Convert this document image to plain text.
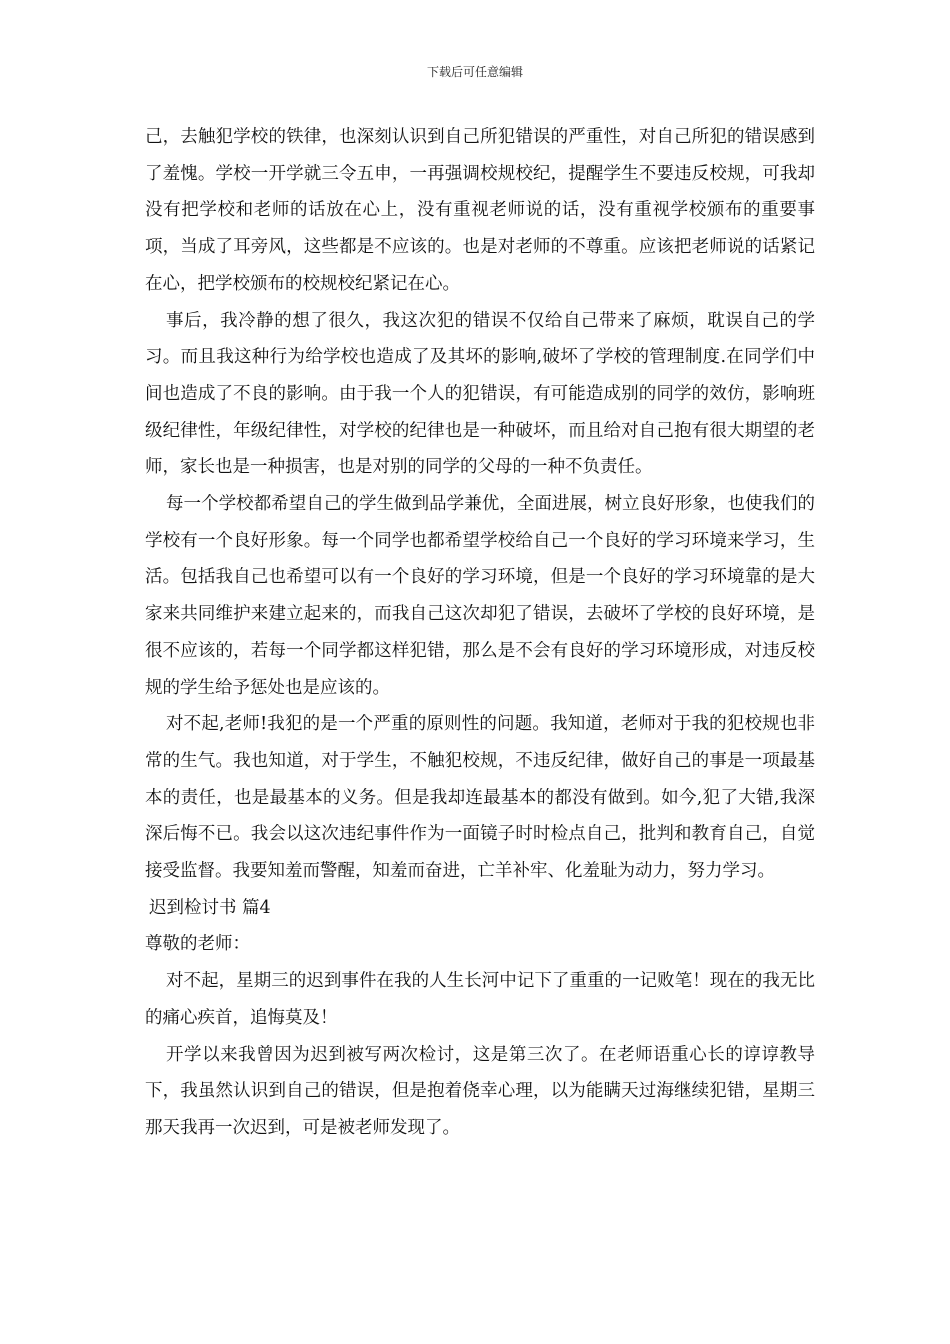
下载后可任意编辑

己，去触犯学校的铁律，也深刻认识到自己所犯错误的严重性，对自己所犯的错误感到了羞愧。学校一开学就三令五申，一再强调校规校纪，提醒学生不要违反校规，可我却没有把学校和老师的话放在心上，没有重视老师说的话，没有重视学校颁布的重要事项，当成了耳旁风，这些都是不应该的。也是对老师的不尊重。应该把老师说的话紧记在心，把学校颁布的校规校纪紧记在心。

事后，我冷静的想了很久，我这次犯的错误不仅给自己带来了麻烦，耽误自己的学习。而且我这种行为给学校也造成了及其坏的影响,破坏了学校的管理制度.在同学们中间也造成了不良的影响。由于我一个人的犯错误，有可能造成别的同学的效仿，影响班级纪律性，年级纪律性，对学校的纪律也是一种破坏，而且给对自己抱有很大期望的老师，家长也是一种损害，也是对别的同学的父母的一种不负责任。

每一个学校都希望自己的学生做到品学兼优，全面进展，树立良好形象，也使我们的学校有一个良好形象。每一个同学也都希望学校给自己一个良好的学习环境来学习，生活。包括我自己也希望可以有一个良好的学习环境，但是一个良好的学习环境靠的是大家来共同维护来建立起来的，而我自己这次却犯了错误，去破坏了学校的良好环境，是很不应该的，若每一个同学都这样犯错，那么是不会有良好的学习环境形成，对违反校规的学生给予惩处也是应该的。

对不起,老师!我犯的是一个严重的原则性的问题。我知道，老师对于我的犯校规也非常的生气。我也知道，对于学生，不触犯校规，不违反纪律，做好自己的事是一项最基本的责任，也是最基本的义务。但是我却连最基本的都没有做到。如今,犯了大错,我深深后悔不已。我会以这次违纪事件作为一面镜子时时检点自己，批判和教育自己，自觉接受监督。我要知羞而警醒，知羞而奋进，亡羊补牢、化羞耻为动力，努力学习。

迟到检讨书 篇4

尊敬的老师：

对不起，星期三的迟到事件在我的人生长河中记下了重重的一记败笔！现在的我无比的痛心疾首，追悔莫及！

开学以来我曾因为迟到被写两次检讨，这是第三次了。在老师语重心长的谆谆教导下，我虽然认识到自己的错误，但是抱着侥幸心理，以为能瞒天过海继续犯错，星期三那天我再一次迟到，可是被老师发现了。
